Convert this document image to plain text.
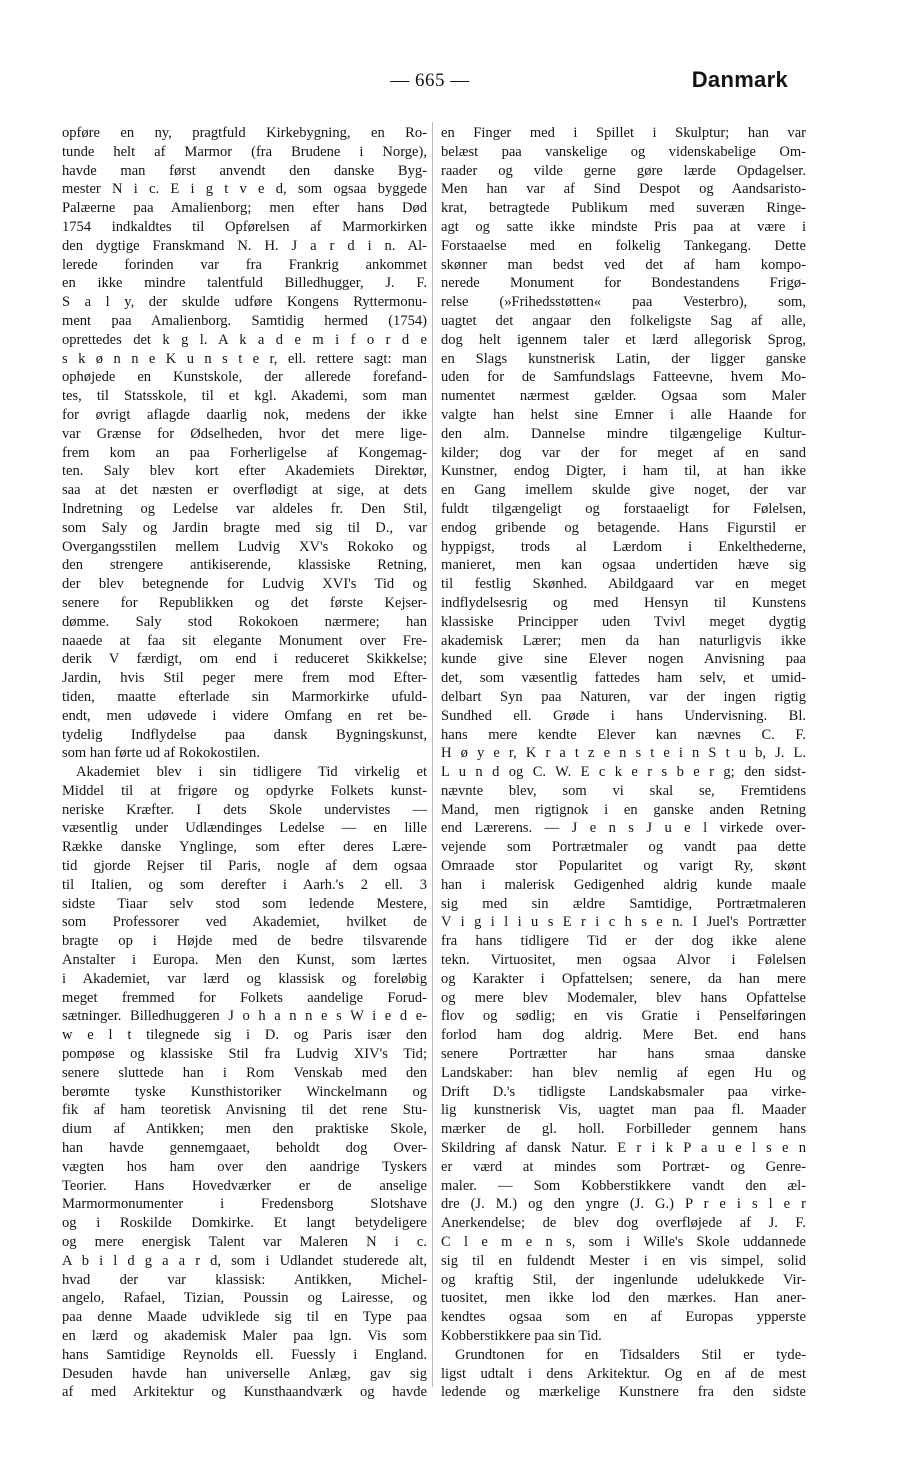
— 665 —	Danmark
opføre en ny, pragtfuld Kirkebygning, en Ro-
tunde helt af Marmor (fra Brudene i Norge),
havde man først anvendt den danske Byg-
mester N i c. E i g t v e d, som ogsaa byggede
Palæerne paa Amalienborg; men efter hans Død
1754 indkaldtes til Opførelsen af Marmorkirken
den dygtige Franskmand N. H. J a r d i n. Al-
lerede forinden var fra Frankrig ankommet
en ikke mindre talentfuld Billedhugger, J. F.
S a l y, der skulde udføre Kongens Ryttermonu-
ment paa Amalienborg. Samtidig hermed (1754)
oprettedes det k g l. A k a d e m i f o r d e
s k ø n n e K u n s t e r, ell. rettere sagt: man
ophøjede en Kunstskole, der allerede forefand-
tes, til Statsskole, til et kgl. Akademi, som man
for øvrigt aflagde daarlig nok, medens der ikke
var Grænse for Ødselheden, hvor det mere lige-
frem kom an paa Forherligelse af Kongemag-
ten. Saly blev kort efter Akademiets Direktør,
saa at det næsten er overflødigt at sige, at dets
Indretning og Ledelse var aldeles fr. Den Stil,
som Saly og Jardin bragte med sig til D., var
Overgangsstilen mellem Ludvig XV's Rokoko og
den strengere antikiserende, klassiske Retning,
der blev betegnende for Ludvig XVI's Tid og
senere for Republikken og det første Kejser-
dømme. Saly stod Rokokoen nærmere; han
naaede at faa sit elegante Monument over Fre-
derik V færdigt, om end i reduceret Skikkelse;
Jardin, hvis Stil peger mere frem mod Efter-
tiden, maatte efterlade sin Marmorkirke ufuld-
endt, men udøvede i videre Omfang en ret be-
tydelig Indflydelse paa dansk Bygningskunst,
som han førte ud af Rokokostilen.
Akademiet blev i sin tidligere Tid virkelig et
Middel til at frigøre og opdyrke Folkets kunst-
neriske Kræfter. I dets Skole undervistes —
væsentlig under Udlændinges Ledelse — en lille
Række danske Ynglinge, som efter deres Lære-
tid gjorde Rejser til Paris, nogle af dem ogsaa
til Italien, og som derefter i Aarh.'s 2 ell. 3
sidste Tiaar selv stod som ledende Mestere,
som Professorer ved Akademiet, hvilket de
bragte op i Højde med de bedre tilsvarende
Anstalter i Europa. Men den Kunst, som lærtes
i Akademiet, var lærd og klassisk og foreløbig
meget fremmed for Folkets aandelige Forud-
sætninger. Billedhuggeren J o h a n n e s W i e d e-
w e l t tilegnede sig i D. og Paris især den
pompøse og klassiske Stil fra Ludvig XIV's Tid;
senere sluttede han i Rom Venskab med den
berømte tyske Kunsthistoriker Winckelmann og
fik af ham teoretisk Anvisning til det rene Stu-
dium af Antikken; men den praktiske Skole,
han havde gennemgaaet, beholdt dog Over-
vægten hos ham over den aandrige Tyskers
Teorier. Hans Hovedværker er de anselige
Marmormonumenter i Fredensborg Slotshave
og i Roskilde Domkirke. Et langt betydeligere
og mere energisk Talent var Maleren N i c.
A b i l d g a a r d, som i Udlandet studerede alt,
hvad der var klassisk: Antikken, Michel-
angelo, Rafael, Tizian, Poussin og Lairesse, og
paa denne Maade udviklede sig til en Type paa
en lærd og akademisk Maler paa lgn. Vis som
hans Samtidige Reynolds ell. Fuessly i England.
Desuden havde han universelle Anlæg, gav sig
af med Arkitektur og Kunsthaandværk og havde
en Finger med i Spillet i Skulptur; han var
belæst paa vanskelige og videnskabelige Om-
raader og vilde gerne gøre lærde Opdagelser.
Men han var af Sind Despot og Aandsaristo-
krat, betragtede Publikum med suveræn Ringe-
agt og satte ikke mindste Pris paa at være i
Forstaaelse med en folkelig Tankegang. Dette
skønner man bedst ved det af ham kompo-
nerede Monument for Bondestandens Frigø-
relse (»Frihedsstøtten« paa Vesterbro), som,
uagtet det angaar den folkeligste Sag af alle,
dog helt igennem taler et lærd allegorisk Sprog,
en Slags kunstnerisk Latin, der ligger ganske
uden for de Samfundslags Fatteevne, hvem Mo-
numentet nærmest gælder. Ogsaa som Maler
valgte han helst sine Emner i alle Haande for
den alm. Dannelse mindre tilgængelige Kultur-
kilder; dog var der for meget af en sand
Kunstner, endog Digter, i ham til, at han ikke
en Gang imellem skulde give noget, der var
fuldt tilgængeligt og forstaaeligt for Følelsen,
endog gribende og betagende. Hans Figurstil er
hyppigst, trods al Lærdom i Enkelthederne,
manieret, men kan ogsaa undertiden hæve sig
til festlig Skønhed. Abildgaard var en meget
indflydelsesrig og med Hensyn til Kunstens
klassiske Principper uden Tvivl meget dygtig
akademisk Lærer; men da han naturligvis ikke
kunde give sine Elever nogen Anvisning paa
det, som væsentlig fattedes ham selv, et umid-
delbart Syn paa Naturen, var der ingen rigtig
Sundhed ell. Grøde i hans Undervisning. Bl.
hans mere kendte Elever kan nævnes C. F.
H ø y e r, K r a t z e n s t e i n S t u b, J. L.
L u n d og C. W. E c k e r s b e r g; den sidst-
nævnte blev, som vi skal se, Fremtidens
Mand, men rigtignok i en ganske anden Retning
end Lærerens. — J e n s J u e l virkede over-
vejende som Portrætmaler og vandt paa dette
Omraade stor Popularitet og varigt Ry, skønt
han i malerisk Gedigenhed aldrig kunde maale
sig med sin ældre Samtidige, Portrætmaleren
V i g i l i u s E r i c h s e n. I Juel's Portrætter
fra hans tidligere Tid er der dog ikke alene
tekn. Virtuositet, men ogsaa Alvor i Følelsen
og Karakter i Opfattelsen; senere, da han mere
og mere blev Modemaler, blev hans Opfattelse
flov og sødlig; en vis Gratie i Penselføringen
forlod ham dog aldrig. Mere Bet. end hans
senere Portrætter har hans smaa danske
Landskaber: han blev nemlig af egen Hu og
Drift D.'s tidligste Landskabsmaler paa virke-
lig kunstnerisk Vis, uagtet man paa fl. Maader
mærker de gl. holl. Forbilleder gennem hans
Skildring af dansk Natur. E r i k P a u e l s e n
er værd at mindes som Portræt- og Genre-
maler. — Som Kobberstikkere vandt den æl-
dre (J. M.) og den yngre (J. G.) P r e i s l e r
Anerkendelse; de blev dog overfløjede af J. F.
C l e m e n s, som i Wille's Skole uddannede
sig til en fuldendt Mester i en vis simpel, solid
og kraftig Stil, der ingenlunde udelukkede Vir-
tuositet, men ikke lod den mærkes. Han aner-
kendtes ogsaa som en af Europas ypperste
Kobberstikkere paa sin Tid.
Grundtonen for en Tidsalders Stil er tyde-
ligst udtalt i dens Arkitektur. Og en af de mest
ledende og mærkelige Kunstnere fra den sidste
